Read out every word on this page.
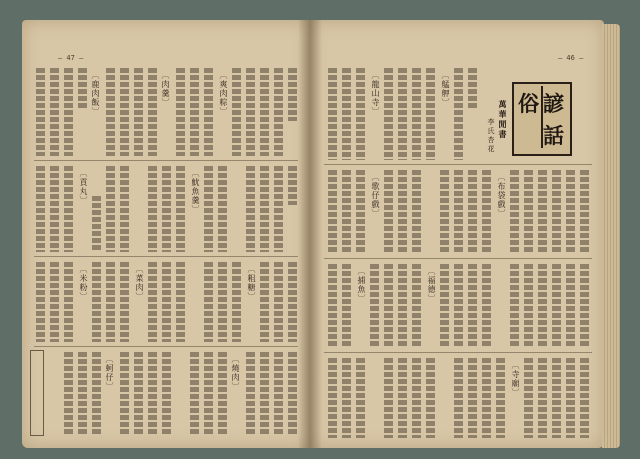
— 47 —
〔鹿肉飯〕	〔肉羹〕	〔爽肉粽〕
〔貢丸〕	〔魷魚羹〕
〔米粉〕	〔菜肉〕	〔粗糖〕
〔蚵仔〕	〔燒肉〕
— 46 —
俗 諺
話
萬華閒書
李氏杏花
〔龍山寺〕	〔艋舺〕
〔歌仔戲〕	〔布袋戲〕
〔捕魚〕	〔福德〕
〔寺廟〕
